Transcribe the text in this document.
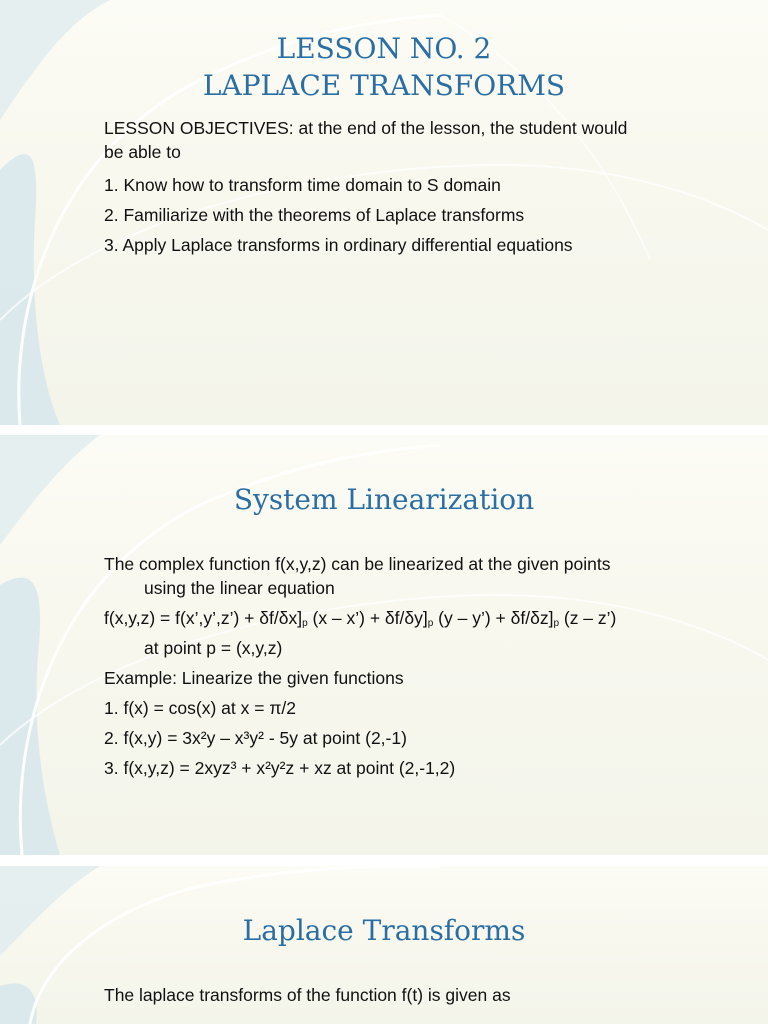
LESSON NO. 2
LAPLACE TRANSFORMS

LESSON OBJECTIVES: at the end of the lesson, the student would

be able to

1. Know how to transform time domain to S domain

2. Familiarize with the theorems of Laplace transforms

3. Apply Laplace transforms in ordinary differential equations

System Linearization

The complex function f(x,y,z) can be linearized at the given points

using the linear equation

f(x,y,z) = f(x’,y’,z’) + $\delta f/\delta x]_p$ (x – x’) + $\delta f/\delta y]_p$ (y – y’) + $\delta f/\delta z]_p$ (z – z’)

at point p = (x,y,z)

Example: Linearize the given functions

1. f(x) = cos(x) at x = π/2

2. f(x,y) = 3x²y – x³y² - 5y at point (2,-1)

3. f(x,y,z) = 2xyz³ + x²y²z + xz at point (2,-1,2)

Laplace Transforms

The laplace transforms of the function f(t) is given as
